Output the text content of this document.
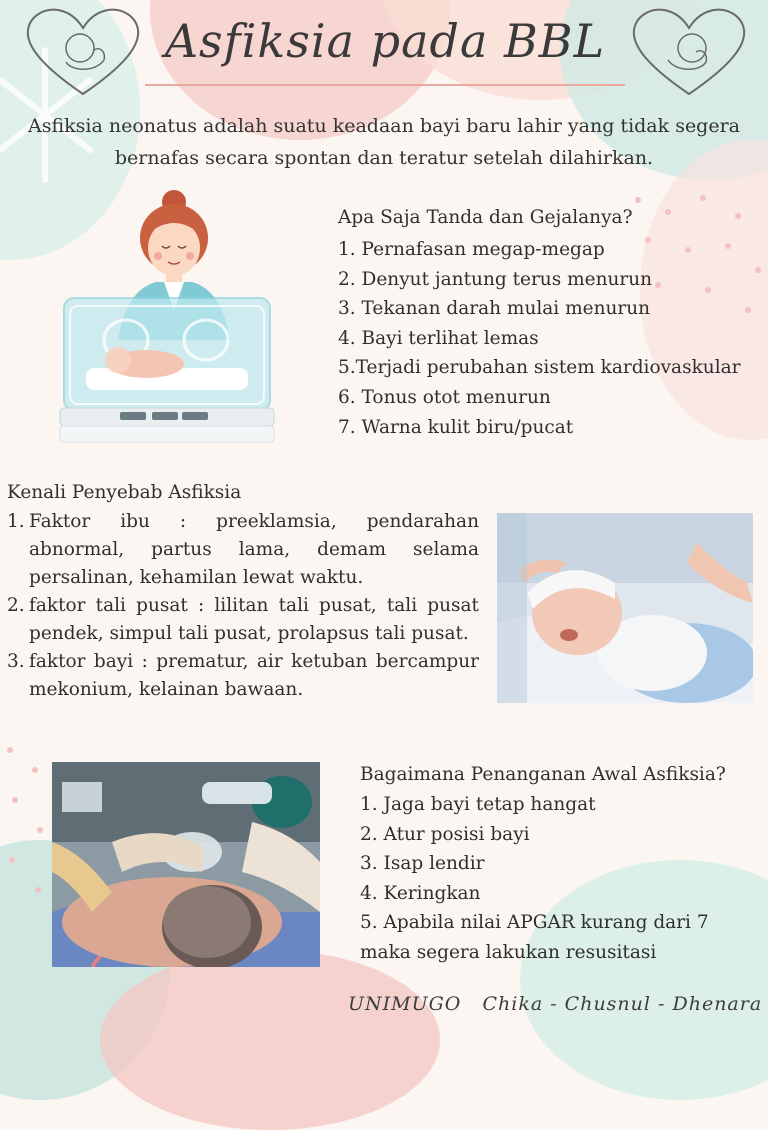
Asfiksia pada BBL
Asfiksia neonatus adalah suatu keadaan bayi baru lahir yang tidak segera bernafas secara spontan dan teratur setelah dilahirkan.

Apa Saja Tanda dan Gejalanya?

1. Pernafasan megap-megap
2. Denyut jantung terus menurun
3. Tekanan darah mulai menurun
4. Bayi terlihat lemas
5.Terjadi perubahan sistem kardiovaskular
6. Tonus otot menurun
7. Warna kulit biru/pucat

Kenali Penyebab Asfiksia

1. Faktor ibu : preeklamsia, pendarahan abnormal, partus lama, demam selama persalinan, kehamilan lewat waktu.
2. faktor tali pusat : lilitan tali pusat, tali pusat pendek, simpul tali pusat, prolapsus tali pusat.
3. faktor bayi : prematur, air ketuban bercampur mekonium, kelainan bawaan.

Bagaimana Penanganan Awal Asfiksia?

1. Jaga bayi tetap hangat
2. Atur posisi bayi
3. Isap lendir
4. Keringkan
5. Apabila nilai APGAR kurang dari 7 maka segera lakukan resusitasi
UNIMUGO   Chika - Chusnul - Dhenara
